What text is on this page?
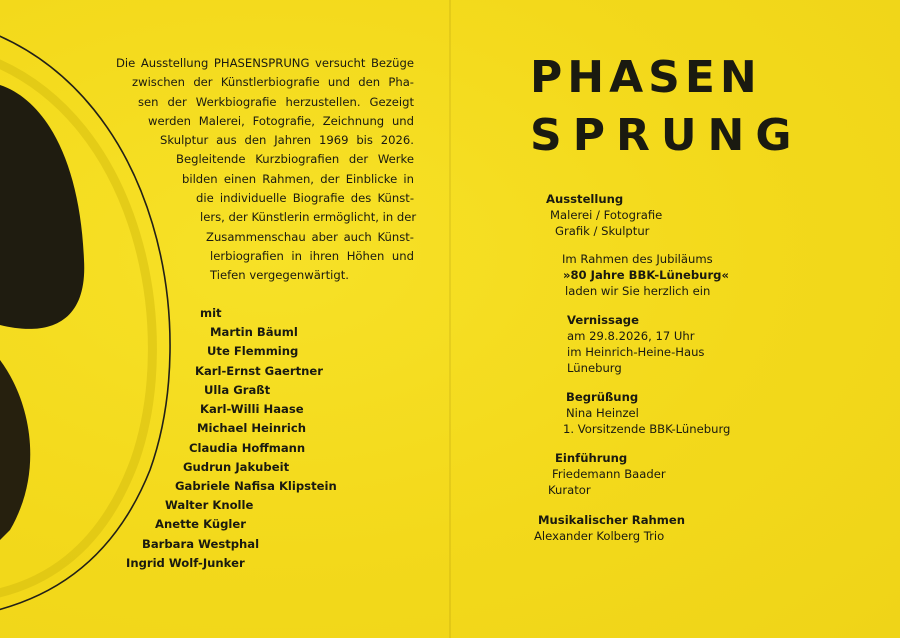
Die Ausstellung PHASENSPRUNG versucht Bezüge
zwischen der Künstlerbiografie und den Pha-
sen der Werkbiografie herzustellen. Gezeigt
werden Malerei, Fotografie, Zeichnung und
Skulptur aus den Jahren 1969 bis 2026.
Begleitende Kurzbiografien der Werke
bilden einen Rahmen, der Einblicke in
die individuelle Biografie des Künst-
lers, der Künstlerin ermöglicht, in der
Zusammenschau aber auch Künst-
lerbiografien in ihren Höhen und
Tiefen vergegenwärtigt.
mit
Martin Bäuml
Ute Flemming
Karl-Ernst Gaertner
Ulla Graßt
Karl-Willi Haase
Michael Heinrich
Claudia Hoffmann
Gudrun Jakubeit
Gabriele Nafisa Klipstein
Walter Knolle
Anette Kügler
Barbara Westphal
Ingrid Wolf-Junker
PHASEN
SPRUNG
Ausstellung
Malerei / Fotografie
Grafik / Skulptur
Im Rahmen des Jubiläums
»80 Jahre BBK-Lüneburg«
laden wir Sie herzlich ein
Vernissage
am 29.8.2026, 17 Uhr
im Heinrich-Heine-Haus
Lüneburg
Begrüßung
Nina Heinzel
1. Vorsitzende BBK-Lüneburg
Einführung
Friedemann Baader
Kurator
Musikalischer Rahmen
Alexander Kolberg Trio
